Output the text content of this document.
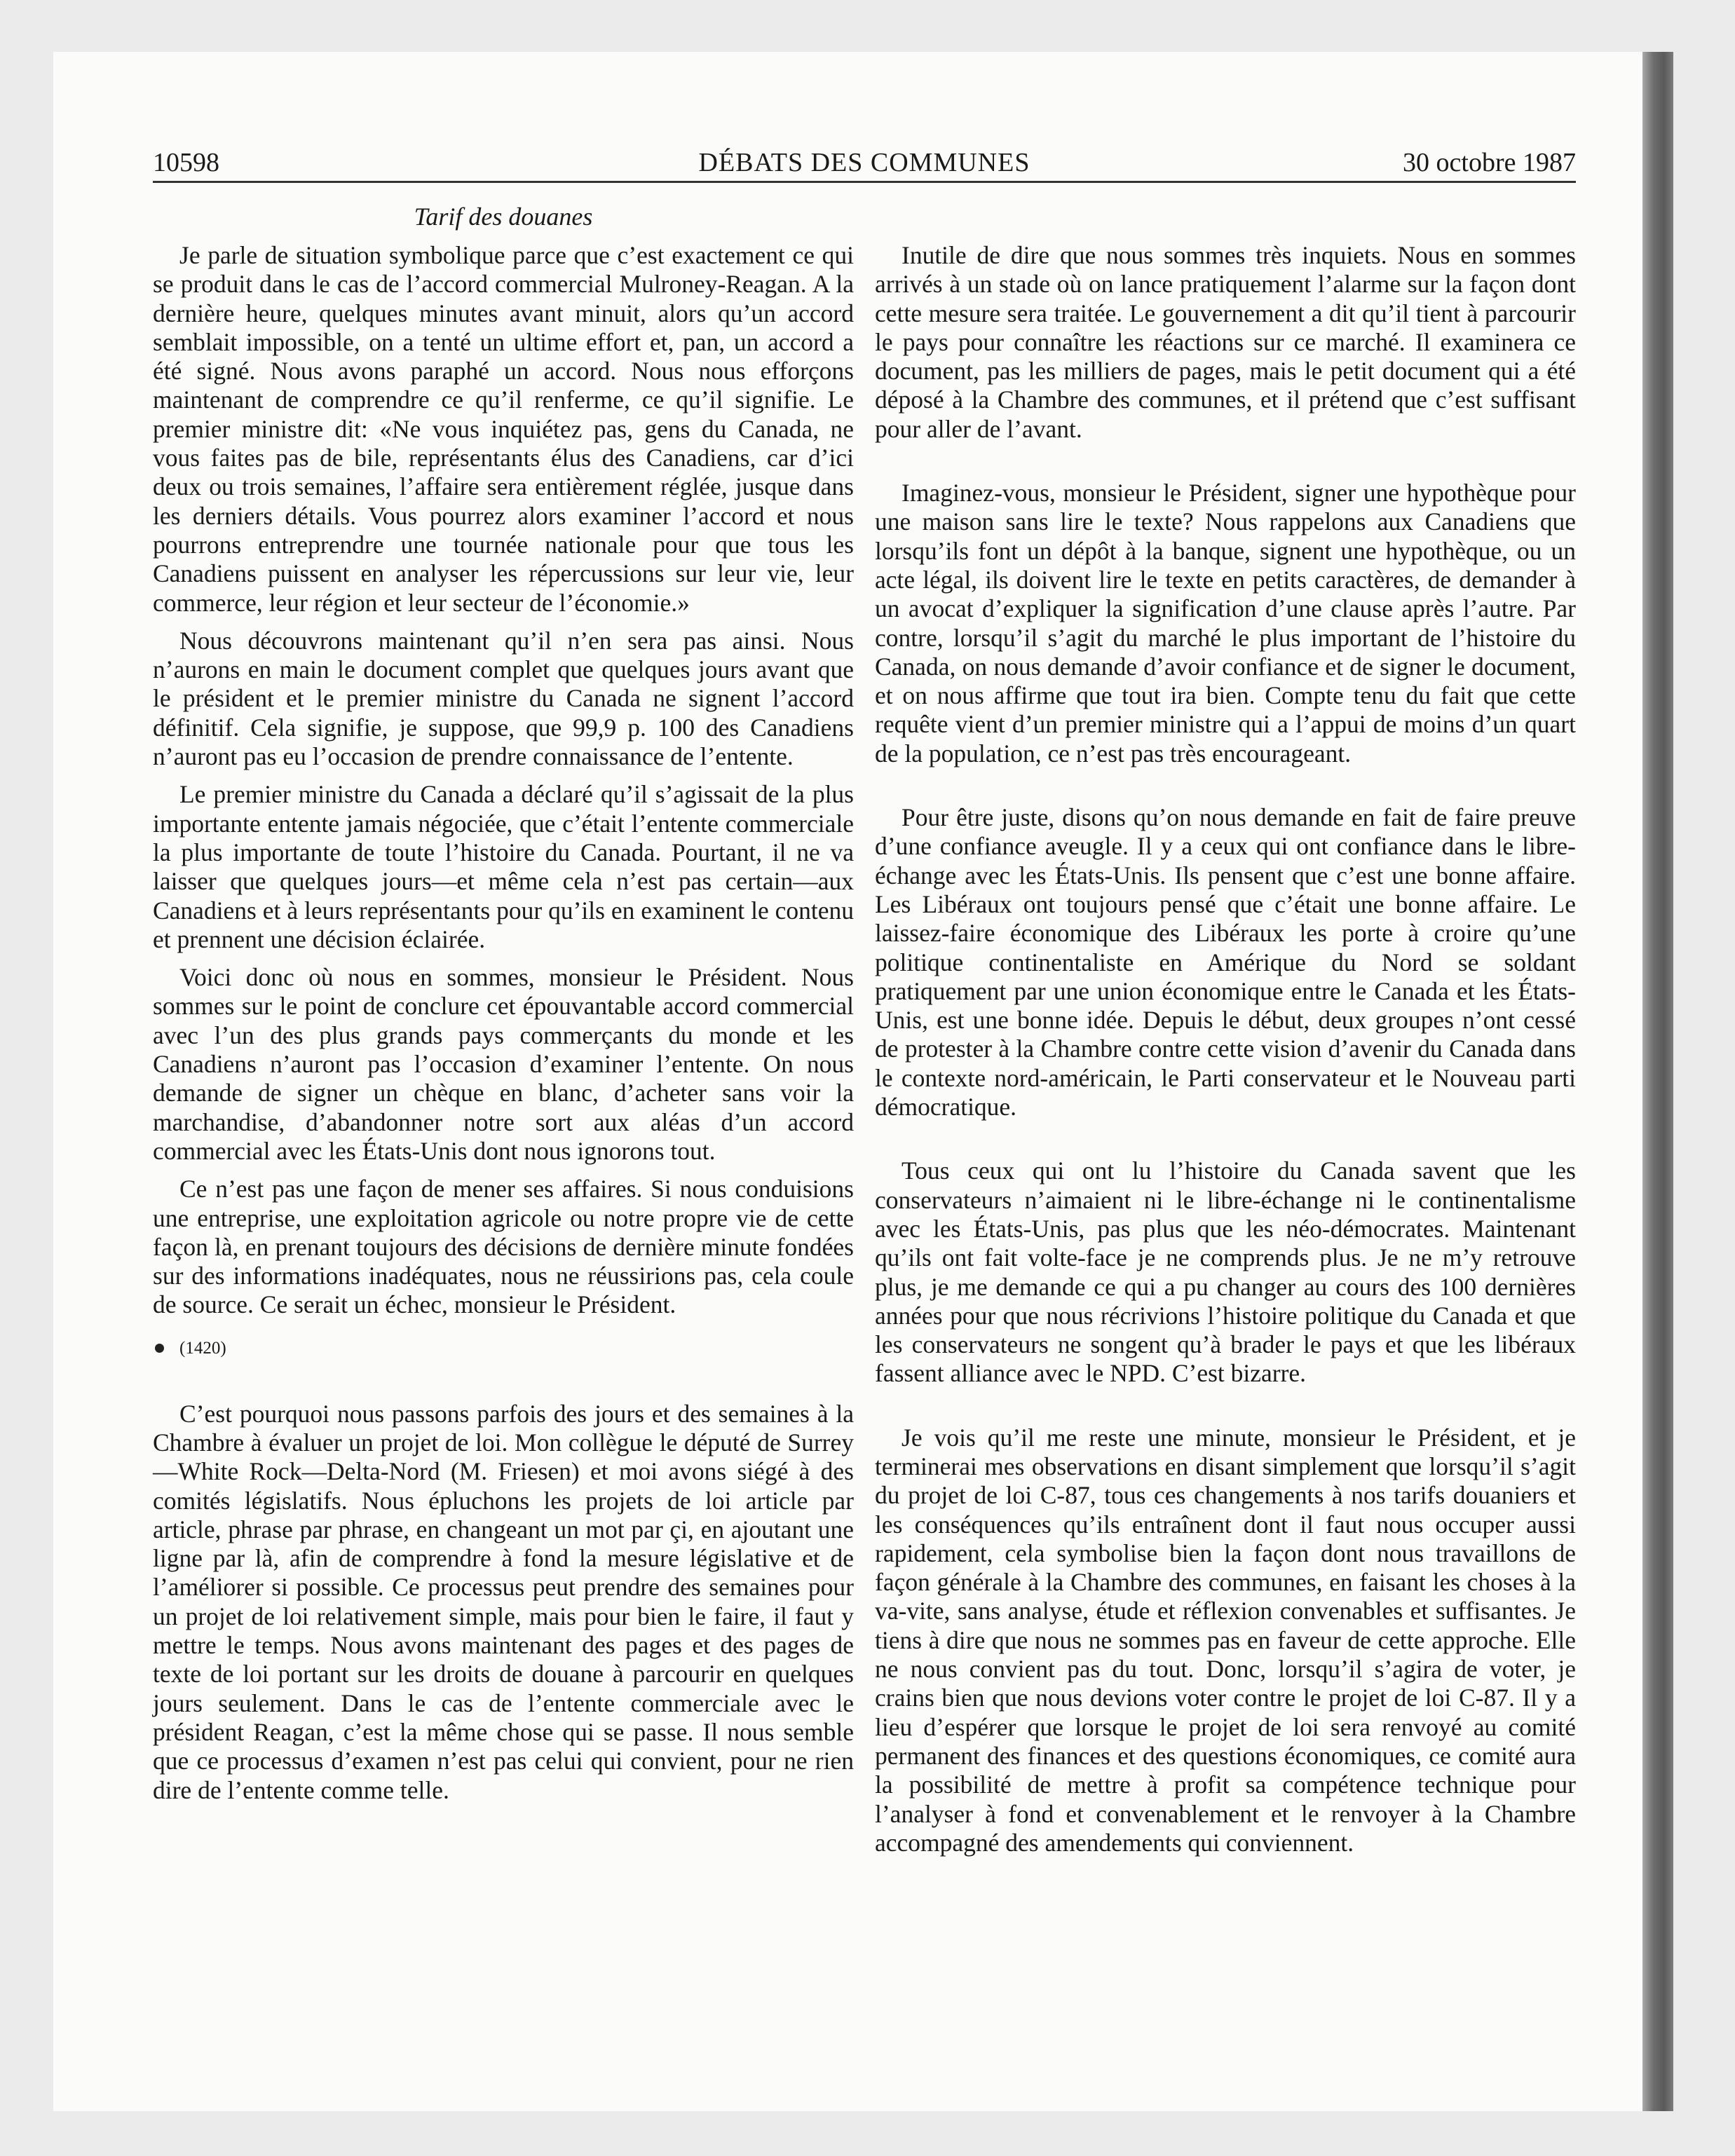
10598	DÉBATS DES COMMUNES	30 octobre 1987
Tarif des douanes

Je parle de situation symbolique parce que c’est exactement ce qui se produit dans le cas de l’accord commercial Mulroney-Reagan. A la dernière heure, quelques minutes avant minuit, alors qu’un accord semblait impossible, on a tenté un ultime effort et, pan, un accord a été signé. Nous avons paraphé un accord. Nous nous efforçons maintenant de comprendre ce qu’il renferme, ce qu’il signifie. Le premier ministre dit: «Ne vous inquiétez pas, gens du Canada, ne vous faites pas de bile, représentants élus des Canadiens, car d’ici deux ou trois semaines, l’affaire sera entièrement réglée, jusque dans les derniers détails. Vous pourrez alors examiner l’accord et nous pourrons entreprendre une tournée nationale pour que tous les Canadiens puissent en analyser les répercussions sur leur vie, leur commerce, leur région et leur secteur de l’économie.»

Nous découvrons maintenant qu’il n’en sera pas ainsi. Nous n’aurons en main le document complet que quelques jours avant que le président et le premier ministre du Canada ne signent l’accord définitif. Cela signifie, je suppose, que 99,9 p. 100 des Canadiens n’auront pas eu l’occasion de prendre connaissance de l’entente.

Le premier ministre du Canada a déclaré qu’il s’agissait de la plus importante entente jamais négociée, que c’était l’entente commerciale la plus importante de toute l’histoire du Canada. Pourtant, il ne va laisser que quelques jours—et même cela n’est pas certain—aux Canadiens et à leurs représentants pour qu’ils en examinent le contenu et prennent une décision éclairée.

Voici donc où nous en sommes, monsieur le Président. Nous sommes sur le point de conclure cet épouvantable accord commercial avec l’un des plus grands pays commerçants du monde et les Canadiens n’auront pas l’occasion d’examiner l’entente. On nous demande de signer un chèque en blanc, d’acheter sans voir la marchandise, d’abandonner notre sort aux aléas d’un accord commercial avec les États-Unis dont nous ignorons tout.

Ce n’est pas une façon de mener ses affaires. Si nous conduisions une entreprise, une exploitation agricole ou notre propre vie de cette façon là, en prenant toujours des décisions de dernière minute fondées sur des informations inadéquates, nous ne réussirions pas, cela coule de source. Ce serait un échec, monsieur le Président.

(1420)

C’est pourquoi nous passons parfois des jours et des semaines à la Chambre à évaluer un projet de loi. Mon collègue le député de Surrey—White Rock—Delta-Nord (M. Friesen) et moi avons siégé à des comités législatifs. Nous épluchons les projets de loi article par article, phrase par phrase, en changeant un mot par çi, en ajoutant une ligne par là, afin de comprendre à fond la mesure législative et de l’améliorer si possible. Ce processus peut prendre des semaines pour un projet de loi relativement simple, mais pour bien le faire, il faut y mettre le temps. Nous avons maintenant des pages et des pages de texte de loi portant sur les droits de douane à parcourir en quelques jours seulement. Dans le cas de l’entente commerciale avec le président Reagan, c’est la même chose qui se passe. Il nous semble que ce processus d’examen n’est pas celui qui convient, pour ne rien dire de l’entente comme telle.

Inutile de dire que nous sommes très inquiets. Nous en sommes arrivés à un stade où on lance pratiquement l’alarme sur la façon dont cette mesure sera traitée. Le gouvernement a dit qu’il tient à parcourir le pays pour connaître les réactions sur ce marché. Il examinera ce document, pas les milliers de pages, mais le petit document qui a été déposé à la Chambre des communes, et il prétend que c’est suffisant pour aller de l’avant.

Imaginez-vous, monsieur le Président, signer une hypothèque pour une maison sans lire le texte? Nous rappelons aux Canadiens que lorsqu’ils font un dépôt à la banque, signent une hypothèque, ou un acte légal, ils doivent lire le texte en petits caractères, de demander à un avocat d’expliquer la signification d’une clause après l’autre. Par contre, lorsqu’il s’agit du marché le plus important de l’histoire du Canada, on nous demande d’avoir confiance et de signer le document, et on nous affirme que tout ira bien. Compte tenu du fait que cette requête vient d’un premier ministre qui a l’appui de moins d’un quart de la population, ce n’est pas très encourageant.

Pour être juste, disons qu’on nous demande en fait de faire preuve d’une confiance aveugle. Il y a ceux qui ont confiance dans le libre-échange avec les États-Unis. Ils pensent que c’est une bonne affaire. Les Libéraux ont toujours pensé que c’était une bonne affaire. Le laissez-faire économique des Libéraux les porte à croire qu’une politique continentaliste en Amérique du Nord se soldant pratiquement par une union économique entre le Canada et les États-Unis, est une bonne idée. Depuis le début, deux groupes n’ont cessé de protester à la Chambre contre cette vision d’avenir du Canada dans le contexte nord-américain, le Parti conservateur et le Nouveau parti démocratique.

Tous ceux qui ont lu l’histoire du Canada savent que les conservateurs n’aimaient ni le libre-échange ni le continentalisme avec les États-Unis, pas plus que les néo-démocrates. Maintenant qu’ils ont fait volte-face je ne comprends plus. Je ne m’y retrouve plus, je me demande ce qui a pu changer au cours des 100 dernières années pour que nous récrivions l’histoire politique du Canada et que les conservateurs ne songent qu’à brader le pays et que les libéraux fassent alliance avec le NPD. C’est bizarre.

Je vois qu’il me reste une minute, monsieur le Président, et je terminerai mes observations en disant simplement que lorsqu’il s’agit du projet de loi C-87, tous ces changements à nos tarifs douaniers et les conséquences qu’ils entraînent dont il faut nous occuper aussi rapidement, cela symbolise bien la façon dont nous travaillons de façon générale à la Chambre des communes, en faisant les choses à la va-vite, sans analyse, étude et réflexion convenables et suffisantes. Je tiens à dire que nous ne sommes pas en faveur de cette approche. Elle ne nous convient pas du tout. Donc, lorsqu’il s’agira de voter, je crains bien que nous devions voter contre le projet de loi C-87. Il y a lieu d’espérer que lorsque le projet de loi sera renvoyé au comité permanent des finances et des questions économiques, ce comité aura la possibilité de mettre à profit sa compétence technique pour l’analyser à fond et convenablement et le renvoyer à la Chambre accompagné des amendements qui conviennent.
